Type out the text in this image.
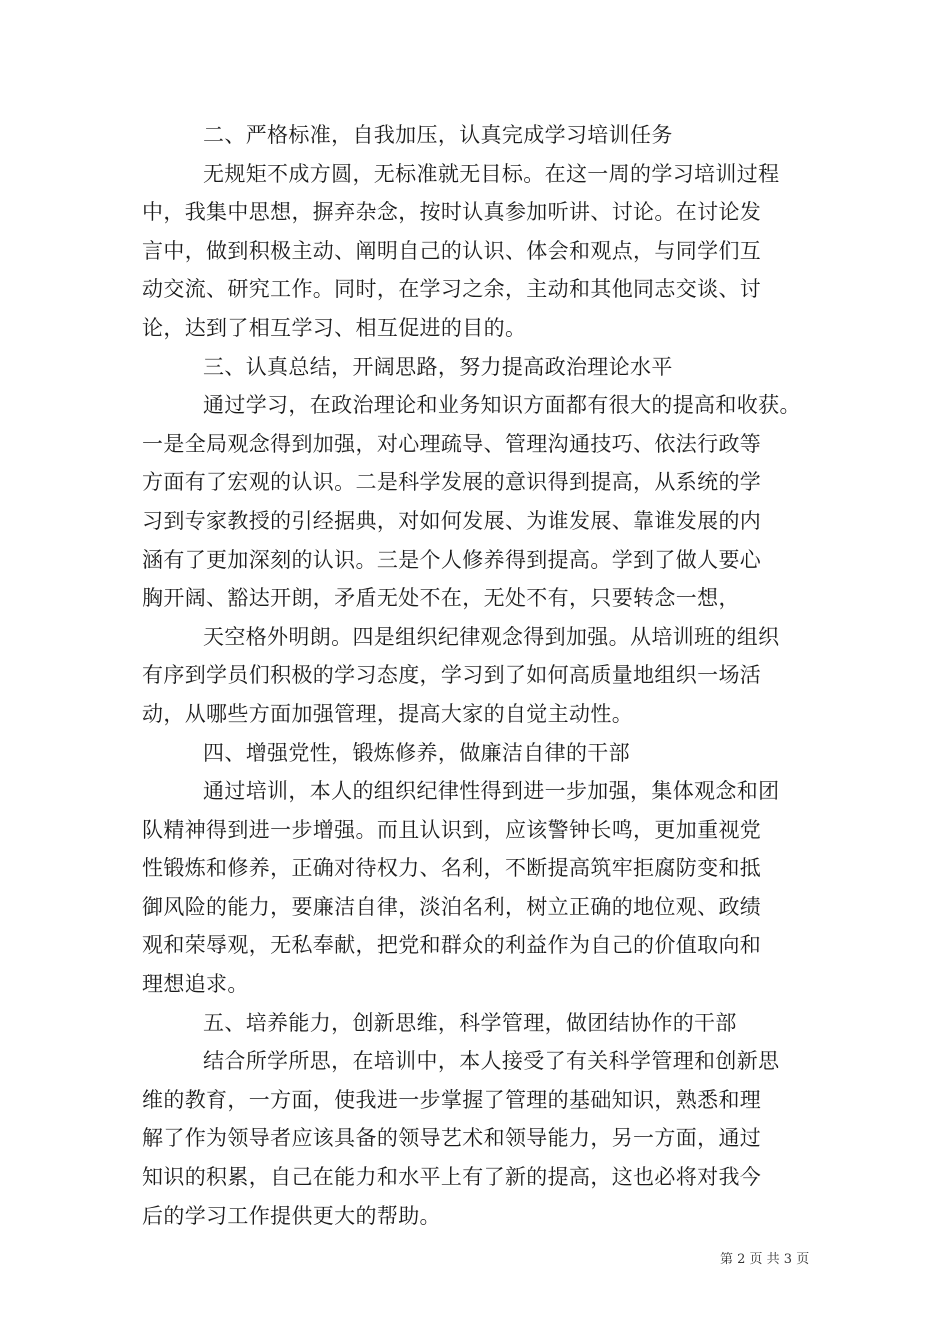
二、严格标准，自我加压，认真完成学习培训任务
无规矩不成方圆，无标准就无目标。在这一周的学习培训过程
中，我集中思想，摒弃杂念，按时认真参加听讲、讨论。在讨论发
言中，做到积极主动、阐明自己的认识、体会和观点，与同学们互
动交流、研究工作。同时，在学习之余，主动和其他同志交谈、讨
论，达到了相互学习、相互促进的目的。
三、认真总结，开阔思路，努力提高政治理论水平
通过学习，在政治理论和业务知识方面都有很大的提高和收获。
一是全局观念得到加强，对心理疏导、管理沟通技巧、依法行政等
方面有了宏观的认识。二是科学发展的意识得到提高，从系统的学
习到专家教授的引经据典，对如何发展、为谁发展、靠谁发展的内
涵有了更加深刻的认识。三是个人修养得到提高。学到了做人要心
胸开阔、豁达开朗，矛盾无处不在，无处不有，只要转念一想，
天空格外明朗。四是组织纪律观念得到加强。从培训班的组织
有序到学员们积极的学习态度，学习到了如何高质量地组织一场活
动，从哪些方面加强管理，提高大家的自觉主动性。
四、增强党性，锻炼修养，做廉洁自律的干部
通过培训，本人的组织纪律性得到进一步加强，集体观念和团
队精神得到进一步增强。而且认识到，应该警钟长鸣，更加重视党
性锻炼和修养，正确对待权力、名利，不断提高筑牢拒腐防变和抵
御风险的能力，要廉洁自律，淡泊名利，树立正确的地位观、政绩
观和荣辱观，无私奉献，把党和群众的利益作为自己的价值取向和
理想追求。
五、培养能力，创新思维，科学管理，做团结协作的干部
结合所学所思，在培训中，本人接受了有关科学管理和创新思
维的教育，一方面，使我进一步掌握了管理的基础知识，熟悉和理
解了作为领导者应该具备的领导艺术和领导能力，另一方面，通过
知识的积累，自己在能力和水平上有了新的提高，这也必将对我今
后的学习工作提供更大的帮助。
第 2 页 共 3 页
